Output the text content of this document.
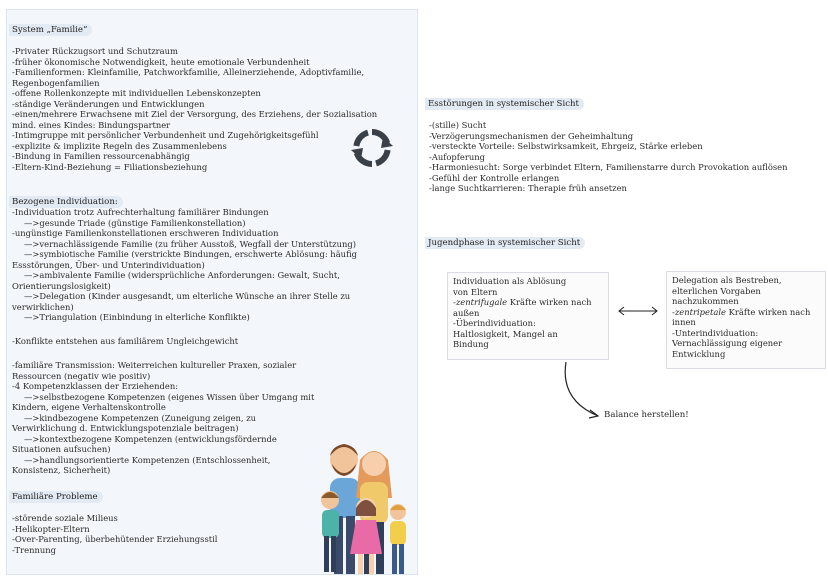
System „Familie“
-Privater Rückzugsort und Schutzraum
-früher ökonomische Notwendigkeit, heute emotionale Verbundenheit
-Familienformen: Kleinfamilie, Patchworkfamilie, Alleinerziehende, Adoptivfamilie,
Regenbogenfamilien
-offene Rollenkonzepte mit individuellen Lebenskonzepten
-ständige Veränderungen und Entwicklungen
-einen/mehrere Erwachsene mit Ziel der Versorgung, des Erziehens, der Sozialisation
mind. eines Kindes: Bindungspartner
-Intimgruppe mit persönlicher Verbundenheit und Zugehörigkeitsgefühl
-explizite & implizite Regeln des Zusammenlebens
-Bindung in Familien ressourcenabhängig
-Eltern-Kind-Beziehung = Filiationsbeziehung
Bezogene Individuation:
-Individuation trotz Aufrechterhaltung familiärer Bindungen
—>gesunde Triade (günstige Familienkonstellation)
-ungünstige Familienkonstellationen erschweren Individuation
—>vernachlässigende Familie (zu früher Ausstoß, Wegfall der Unterstützung)
—>symbiotische Familie (verstrickte Bindungen, erschwerte Ablösung: häufig
Essstörungen, Über- und Unterindividuation)
—>ambivalente Familie (widersprüchliche Anforderungen: Gewalt, Sucht,
Orientierungslosigkeit)
—>Delegation (Kinder ausgesandt, um elterliche Wünsche an ihrer Stelle zu
verwirklichen)
—>Triangulation (Einbindung in elterliche Konflikte)
-Konflikte entstehen aus familiärem Ungleichgewicht
-familiäre Transmission: Weiterreichen kultureller Praxen, sozialer
Ressourcen (negativ wie positiv)
-4 Kompetenzklassen der Erziehenden:
—>selbstbezogene Kompetenzen (eigenes Wissen über Umgang mit
Kindern, eigene Verhaltenskontrolle
—>kindbezogene Kompetenzen (Zuneigung zeigen, zu
Verwirklichung d. Entwicklungspotenziale beitragen)
—>kontextbezogene Kompetenzen (entwicklungsfördernde
Situationen aufsuchen)
—>handlungsorientierte Kompetenzen (Entschlossenheit,
Konsistenz, Sicherheit)
Familiäre Probleme
-störende soziale Milieus
-Helikopter-Eltern
-Over-Parenting, überbehütender Erziehungsstil
-Trennung
Esstörungen in systemischer Sicht
-(stille) Sucht
-Verzögerungsmechanismen der Geheimhaltung
-versteckte Vorteile: Selbstwirksamkeit, Ehrgeiz, Stärke erleben
-Aufopferung
-Harmoniesucht: Sorge verbindet Eltern, Familienstarre durch Provokation auflösen
-Gefühl der Kontrolle erlangen
-lange Suchtkarrieren: Therapie früh ansetzen
Jugendphase in systemischer Sicht
Individuation als Ablösung
von Eltern
-zentrifugale Kräfte wirken nach
außen
-Überindividuation:
Haltlosigkeit, Mangel an
Bindung
Delegation als Bestreben,
elterlichen Vorgaben
nachzukommen
-zentripetale Kräfte wirken nach
innen
-Unterindividuation:
Vernachlässigung eigener
Entwicklung
Balance herstellen!
